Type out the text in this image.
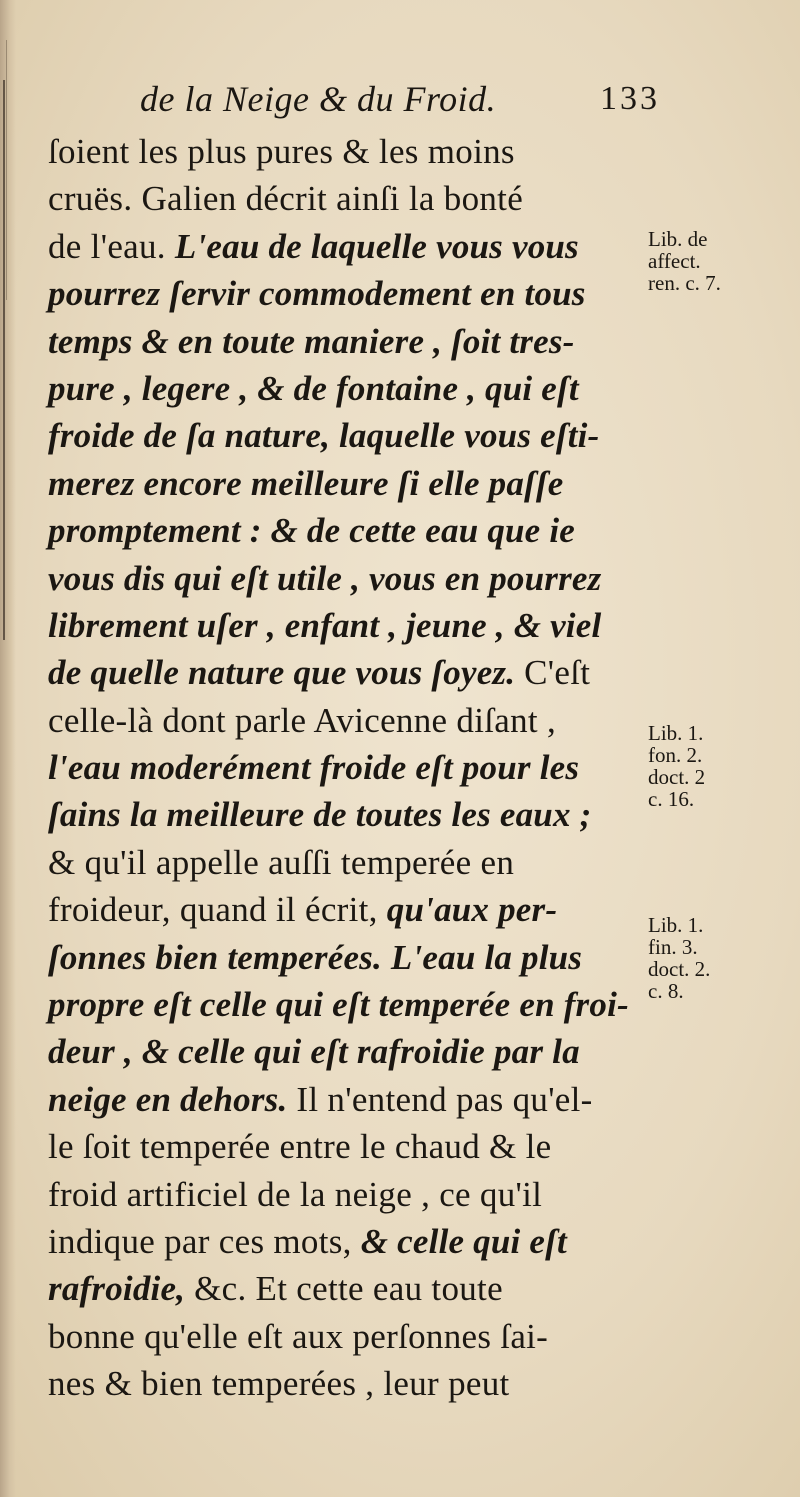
de la Neige & du Froid.	133
ſoient les plus pures & les moins
cruës. Galien décrit ainſi la bonté
de l'eau. L'eau de laquelle vous vous
pourrez ſervir commodement en tous
temps & en toute maniere , ſoit tres-
pure , legere , & de fontaine , qui eſt
froide de ſa nature, laquelle vous eſti-
merez encore meilleure ſi elle paſſe
promptement : & de cette eau que ie
vous dis qui eſt utile , vous en pourrez
librement uſer , enfant , jeune , & viel
de quelle nature que vous ſoyez. C'eſt
celle-là dont parle Avicenne diſant ,
l'eau moderément froide eſt pour les
ſains la meilleure de toutes les eaux ;
& qu'il appelle auſſi temperée en
froideur, quand il écrit, qu'aux per-
ſonnes bien temperées. L'eau la plus
propre eſt celle qui eſt temperée en froi-
deur , & celle qui eſt rafroidie par la
neige en dehors. Il n'entend pas qu'el-
le ſoit temperée entre le chaud & le
froid artificiel de la neige , ce qu'il
indique par ces mots, & celle qui eſt
rafroidie, &c. Et cette eau toute
bonne qu'elle eſt aux perſonnes ſai-
nes & bien temperées , leur peut
Lib. de
affect.
ren. c. 7.
Lib. 1.
fon. 2.
doct. 2
c. 16.
Lib. 1.
fin. 3.
doct. 2.
c. 8.
